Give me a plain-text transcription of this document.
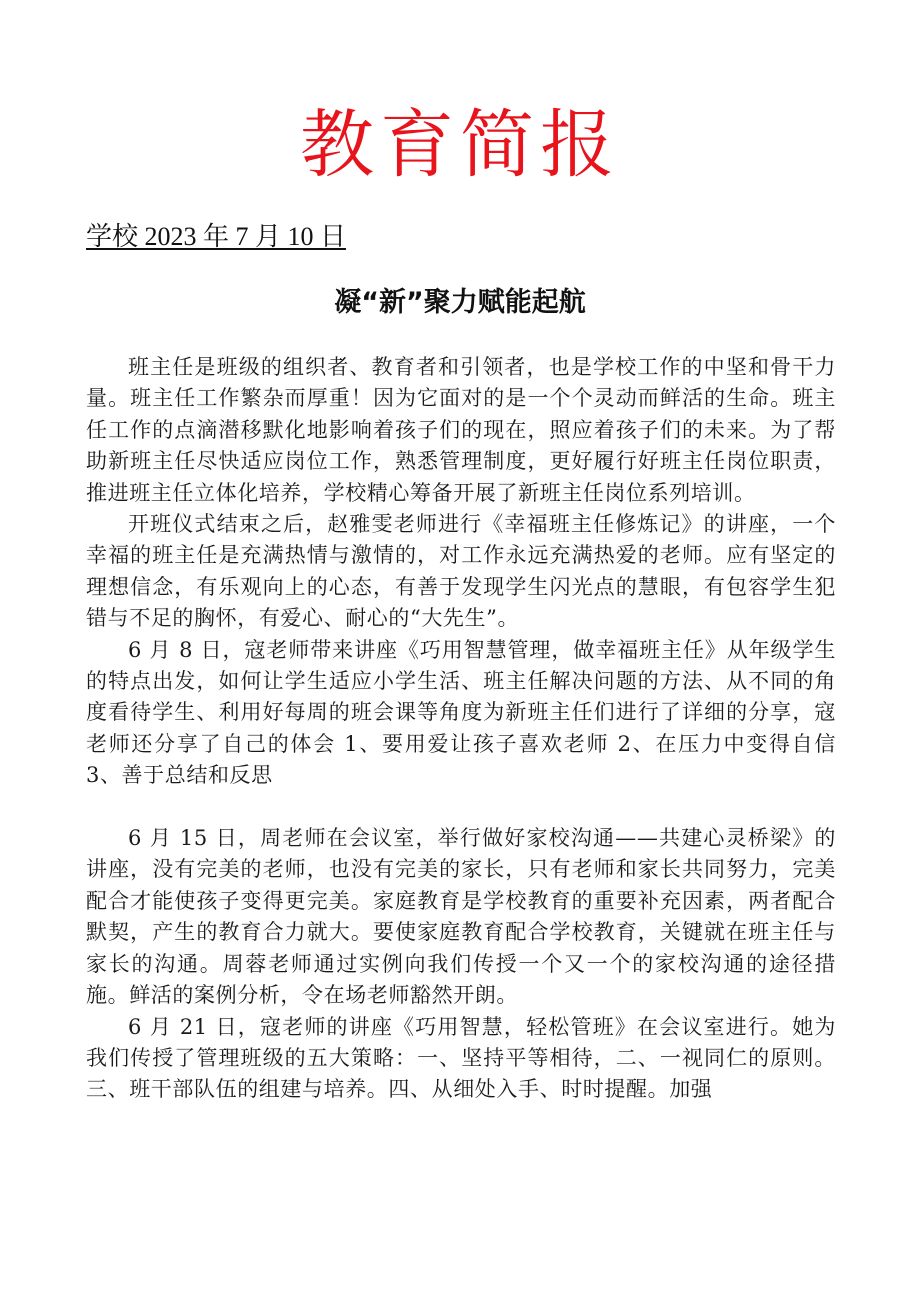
教育简报
学校 2023 年 7 月 10 日
凝“新”聚力赋能起航

班主任是班级的组织者、教育者和引领者，也是学校工作的中坚和骨干力量。班主任工作繁杂而厚重！因为它面对的是一个个灵动而鲜活的生命。班主任工作的点滴潜移默化地影响着孩子们的现在，照应着孩子们的未来。为了帮助新班主任尽快适应岗位工作，熟悉管理制度，更好履行好班主任岗位职责，推进班主任立体化培养，学校精心筹备开展了新班主任岗位系列培训。

开班仪式结束之后，赵雅雯老师进行《幸福班主任修炼记》的讲座，一个幸福的班主任是充满热情与激情的，对工作永远充满热爱的老师。应有坚定的理想信念，有乐观向上的心态，有善于发现学生闪光点的慧眼，有包容学生犯错与不足的胸怀，有爱心、耐心的“大先生”。

6 月 8 日，寇老师带来讲座《巧用智慧管理，做幸福班主任》从年级学生的特点出发，如何让学生适应小学生活、班主任解决问题的方法、从不同的角度看待学生、利用好每周的班会课等角度为新班主任们进行了详细的分享，寇老师还分享了自己的体会 1、要用爱让孩子喜欢老师 2、在压力中变得自信 3、善于总结和反思

6 月 15 日，周老师在会议室，举行做好家校沟通——共建心灵桥梁》的讲座，没有完美的老师，也没有完美的家长，只有老师和家长共同努力，完美配合才能使孩子变得更完美。家庭教育是学校教育的重要补充因素，两者配合默契，产生的教育合力就大。要使家庭教育配合学校教育，关键就在班主任与家长的沟通。周蓉老师通过实例向我们传授一个又一个的家校沟通的途径措施。鲜活的案例分析，令在场老师豁然开朗。

6 月 21 日，寇老师的讲座《巧用智慧，轻松管班》在会议室进行。她为我们传授了管理班级的五大策略：一、坚持平等相待，二、一视同仁的原则。三、班干部队伍的组建与培养。四、从细处入手、时时提醒。加强
